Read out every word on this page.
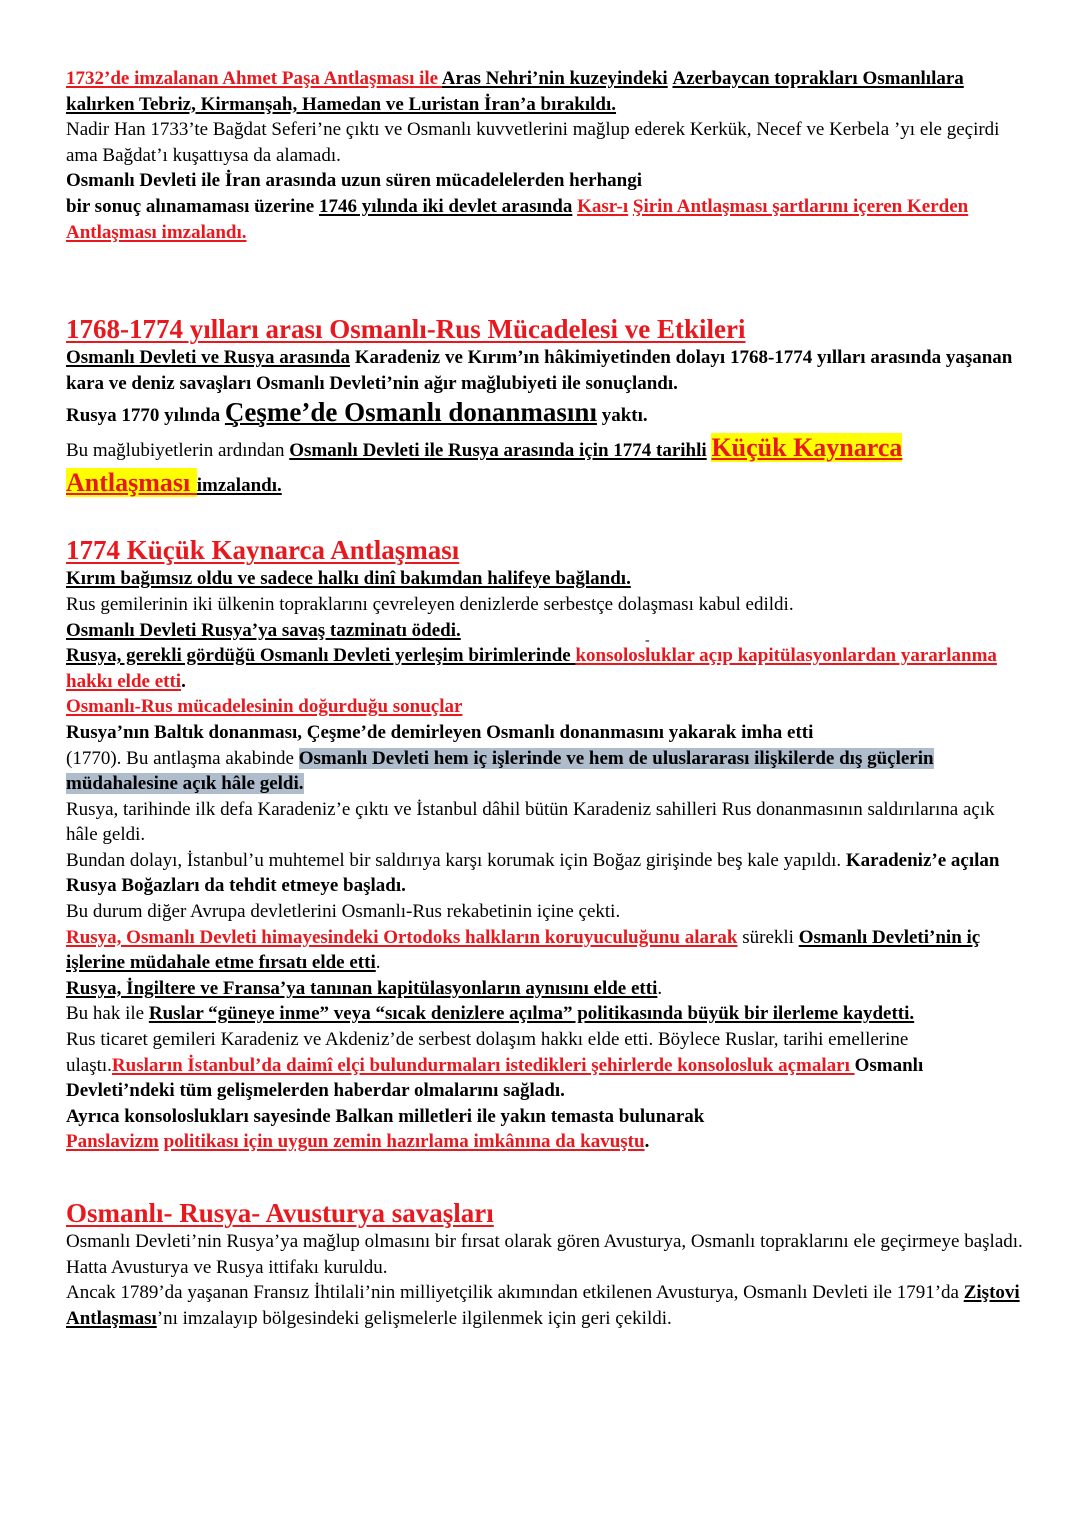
1732’de imzalanan Ahmet Paşa Antlaşması ile Aras Nehri’nin kuzeyindeki Azerbaycan toprakları Osmanlılara kalırken Tebriz, Kirmanşah, Hamedan ve Luristan İran’a bırakıldı.

Nadir Han 1733’te Bağdat Seferi’ne çıktı ve Osmanlı kuvvetlerini mağlup ederek Kerkük, Necef ve Kerbela ’yı ele geçirdi ama Bağdat’ı kuşattıysa da alamadı.

Osmanlı Devleti ile İran arasında uzun süren mücadelelerden herhangi
bir sonuç alınamaması üzerine 1746 yılında iki devlet arasında Kasr-ı Şirin Antlaşması şartlarını içeren Kerden Antlaşması imzalandı.

1768-1774 yılları arası Osmanlı-Rus Mücadelesi ve Etkileri

Osmanlı Devleti ve Rusya arasında Karadeniz ve Kırım’ın hâkimiyetinden dolayı 1768-1774 yılları arasında yaşanan kara ve deniz savaşları Osmanlı Devleti’nin ağır mağlubiyeti ile sonuçlandı.

Rusya 1770 yılında Çeşme’de Osmanlı donanmasını yaktı.

Bu mağlubiyetlerin ardından Osmanlı Devleti ile Rusya arasında için 1774 tarihli Küçük Kaynarca Antlaşması imzalandı.

1774 Küçük Kaynarca Antlaşması

Kırım bağımsız oldu ve sadece halkı dinî bakımdan halifeye bağlandı.

Rus gemilerinin iki ülkenin topraklarını çevreleyen denizlerde serbestçe dolaşması kabul edildi.

Osmanlı Devleti Rusya’ya savaş tazminatı ödedi.

Rusya, gerekli gördüğü Osmanlı Devleti yerleşim birimlerinde konsolosluklar açıp kapitülasyonlardan yararlanma hakkı elde etti.

Osmanlı-Rus mücadelesinin doğurduğu sonuçlar

Rusya’nın Baltık donanması, Çeşme’de demirleyen Osmanlı donanmasını yakarak imha etti

(1770). Bu antlaşma akabinde Osmanlı Devleti hem iç işlerinde ve hem de uluslararası ilişkilerde dış güçlerin müdahalesine açık hâle geldi.

Rusya, tarihinde ilk defa Karadeniz’e çıktı ve İstanbul dâhil bütün Karadeniz sahilleri Rus donanmasının saldırılarına açık hâle geldi.

Bundan dolayı, İstanbul’u muhtemel bir saldırıya karşı korumak için Boğaz girişinde beş kale yapıldı. Karadeniz’e açılan Rusya Boğazları da tehdit etmeye başladı.

Bu durum diğer Avrupa devletlerini Osmanlı-Rus rekabetinin içine çekti.

Rusya, Osmanlı Devleti himayesindeki Ortodoks halkların koruyuculuğunu alarak sürekli Osmanlı Devleti’nin iç işlerine müdahale etme fırsatı elde etti.

Rusya, İngiltere ve Fransa’ya tanınan kapitülasyonların aynısını elde etti.

Bu hak ile Ruslar “güneye inme” veya “sıcak denizlere açılma” politikasında büyük bir ilerleme kaydetti.

Rus ticaret gemileri Karadeniz ve Akdeniz’de serbest dolaşım hakkı elde etti. Böylece Ruslar, tarihi emellerine ulaştı.Rusların İstanbul’da daimî elçi bulundurmaları istedikleri şehirlerde konsolosluk açmaları Osmanlı Devleti’ndeki tüm gelişmelerden haberdar olmalarını sağladı.

Ayrıca konsoloslukları sayesinde Balkan milletleri ile yakın temasta bulunarak

Panslavizm politikası için uygun zemin hazırlama imkânına da kavuştu.

Osmanlı- Rusya- Avusturya savaşları

Osmanlı Devleti’nin Rusya’ya mağlup olmasını bir fırsat olarak gören Avusturya, Osmanlı topraklarını ele geçirmeye başladı. Hatta Avusturya ve Rusya ittifakı kuruldu.

Ancak 1789’da yaşanan Fransız İhtilali’nin milliyetçilik akımından etkilenen Avusturya, Osmanlı Devleti ile 1791’da Ziştovi Antlaşması’nı imzalayıp bölgesindeki gelişmelerle ilgilenmek için geri çekildi.

-
